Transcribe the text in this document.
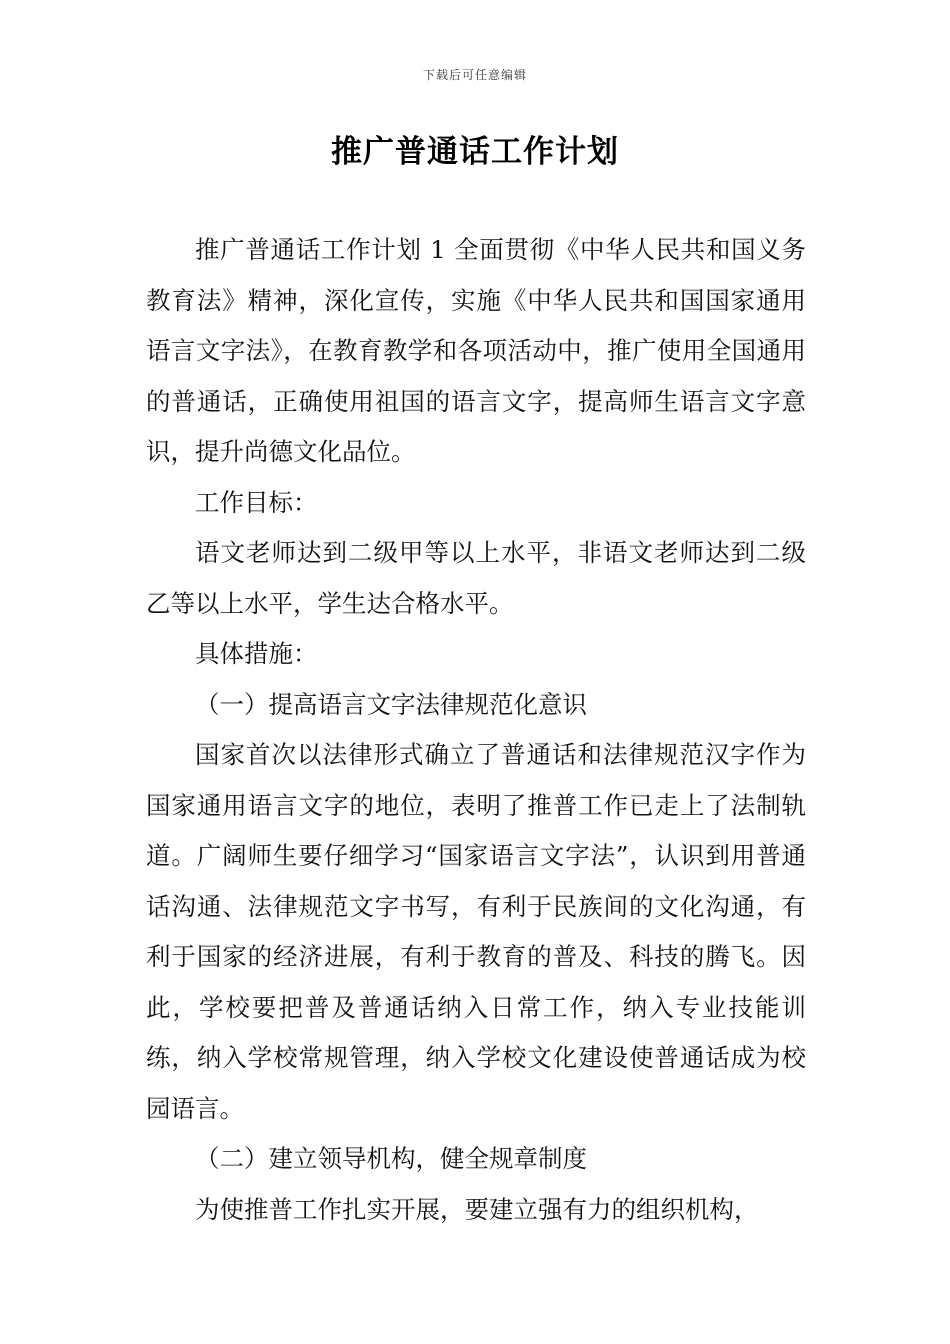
下载后可任意编辑
推广普通话工作计划

推广普通话工作计划 1 全面贯彻《中华人民共和国义务教育法》精神，深化宣传，实施《中华人民共和国国家通用语言文字法》，在教育教学和各项活动中，推广使用全国通用的普通话，正确使用祖国的语言文字，提高师生语言文字意识，提升尚德文化品位。

工作目标：

语文老师达到二级甲等以上水平，非语文老师达到二级乙等以上水平，学生达合格水平。

具体措施：

（一）提高语言文字法律规范化意识

国家首次以法律形式确立了普通话和法律规范汉字作为国家通用语言文字的地位，表明了推普工作已走上了法制轨道。广阔师生要仔细学习“国家语言文字法”，认识到用普通话沟通、法律规范文字书写，有利于民族间的文化沟通，有利于国家的经济进展，有利于教育的普及、科技的腾飞。因此，学校要把普及普通话纳入日常工作，纳入专业技能训练，纳入学校常规管理，纳入学校文化建设使普通话成为校园语言。

（二）建立领导机构，健全规章制度

为使推普工作扎实开展，要建立强有力的组织机构，
